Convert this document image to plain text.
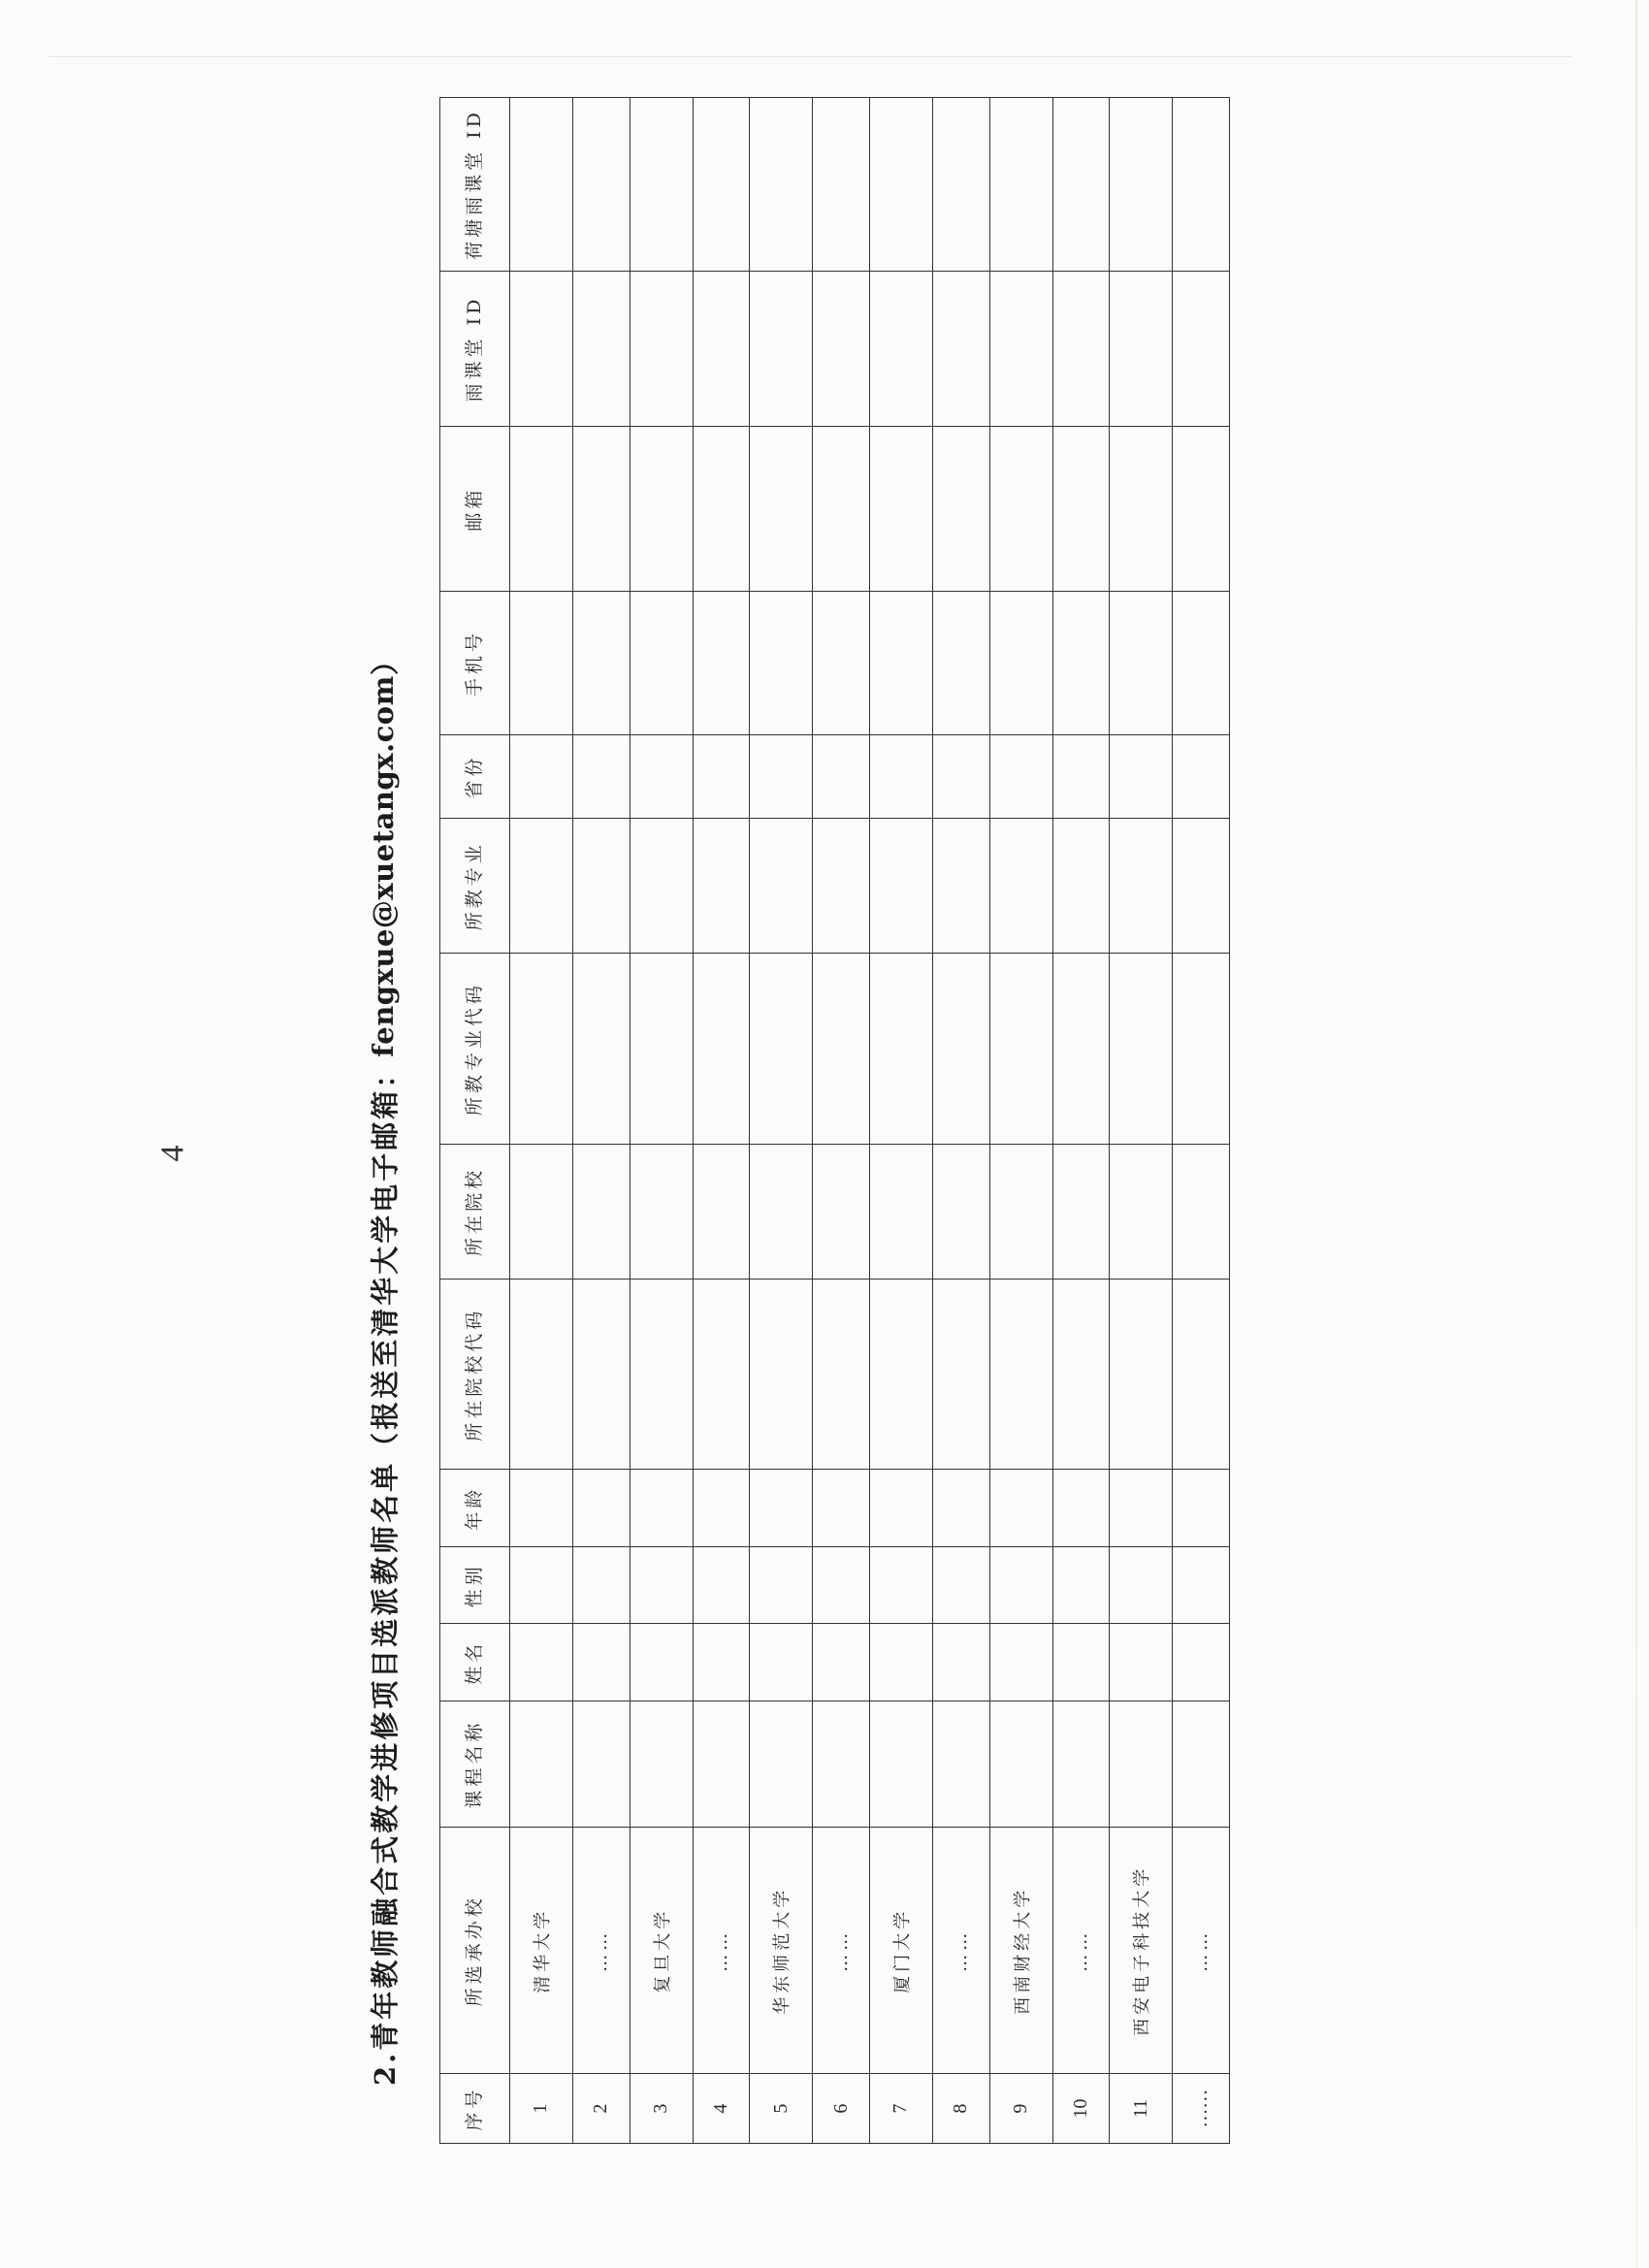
2.青年教师融合式教学进修项目选派教师名单（报送至清华大学电子邮箱：
fengxue@xuetangx.com
）
序号	所选承办校	课程名称	姓名	性别	年龄	所在院校代码	所在院校	所教专业代码	所教专业	省份	手机号	邮箱	雨课堂 ID	荷塘雨课堂 ID
1	清华大学													
2	……													
3	复旦大学													
4	……													
5	华东师范大学													
6	……													
7	厦门大学													
8	……													
9	西南财经大学													
10	……													
11	西安电子科技大学													
……	……													
4
